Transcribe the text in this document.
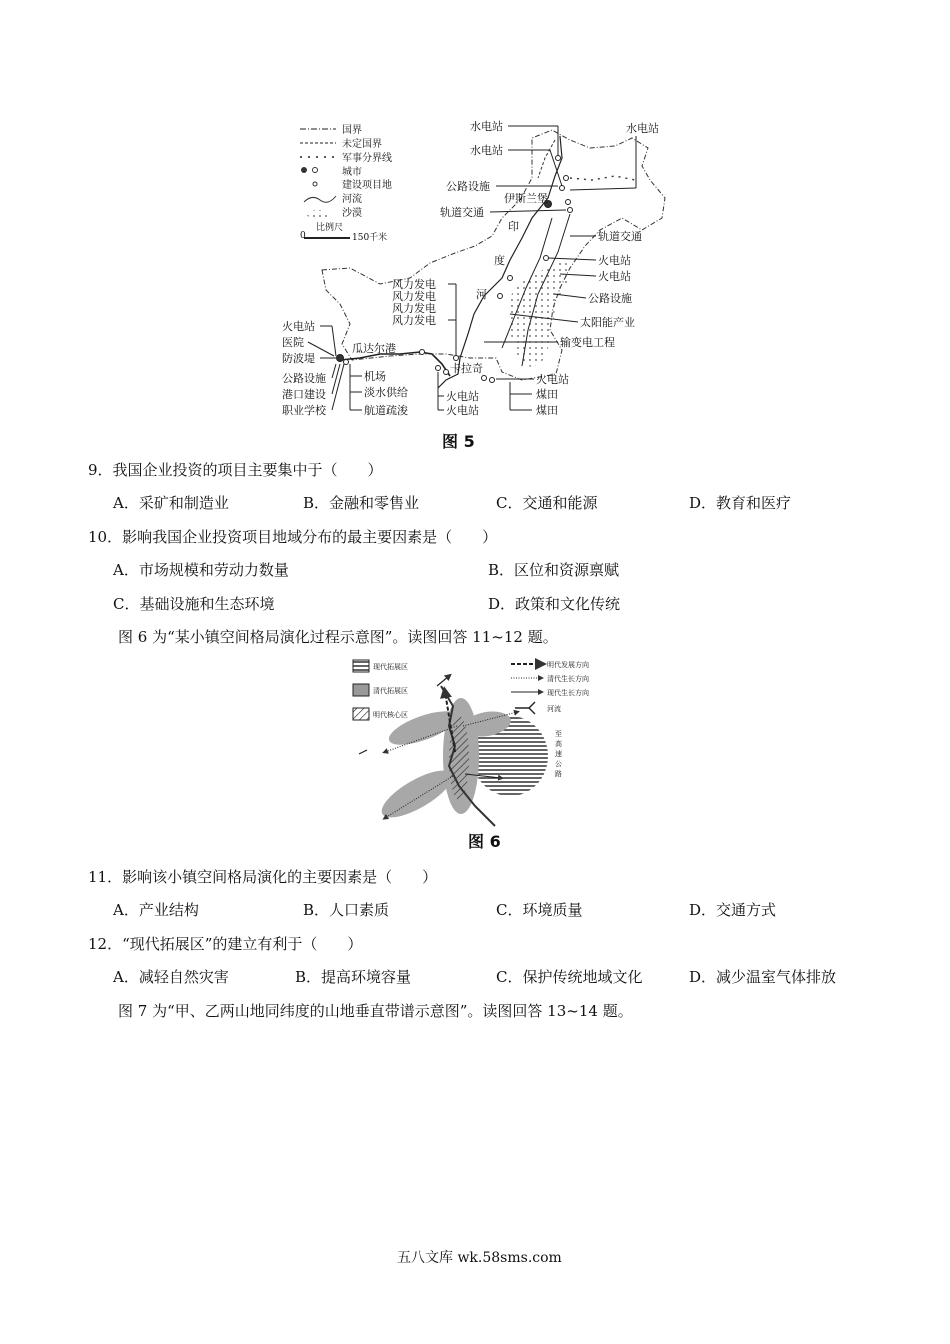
国界
未定国界
军事分界线
城市
建设项目地
河流
沙漠
比例尺
0	150千米
伊斯兰堡
瓜达尔港
卡拉奇
印
度
河
水电站
水电站
公路设施
轨道交通
水电站
轨道交通
火电站
火电站
公路设施
太阳能产业
输变电工程
火电站
煤田
煤田
风力发电
风力发电
风力发电
风力发电
火电站
医院
防波堤
公路设施
港口建设
职业学校
机场
淡水供给
航道疏浚
火电站
火电站
图 5
9．我国企业投资的项目主要集中于（　　）
A．采矿和制造业	B．金融和零售业	C．交通和能源	D．教育和医疗
10．影响我国企业投资项目地域分布的最主要因素是（　　）
A．市场规模和劳动力数量	B．区位和资源禀赋
C．基础设施和生态环境	D．政策和文化传统
图 6 为“某小镇空间格局演化过程示意图”。读图回答 11~12 题。
现代拓展区
清代拓展区
明代核心区
明代发展方向
清代生长方向
现代生长方向
河流
至
高
速
公
路
图 6
11．影响该小镇空间格局演化的主要因素是（　　）
A．产业结构	B．人口素质	C．环境质量	D．交通方式
12．“现代拓展区”的建立有利于（　　）
A．减轻自然灾害	B．提高环境容量	C．保护传统地域文化	D．减少温室气体排放
图 7 为“甲、乙两山地同纬度的山地垂直带谱示意图”。读图回答 13~14 题。
五八文库 wk.58sms.com
